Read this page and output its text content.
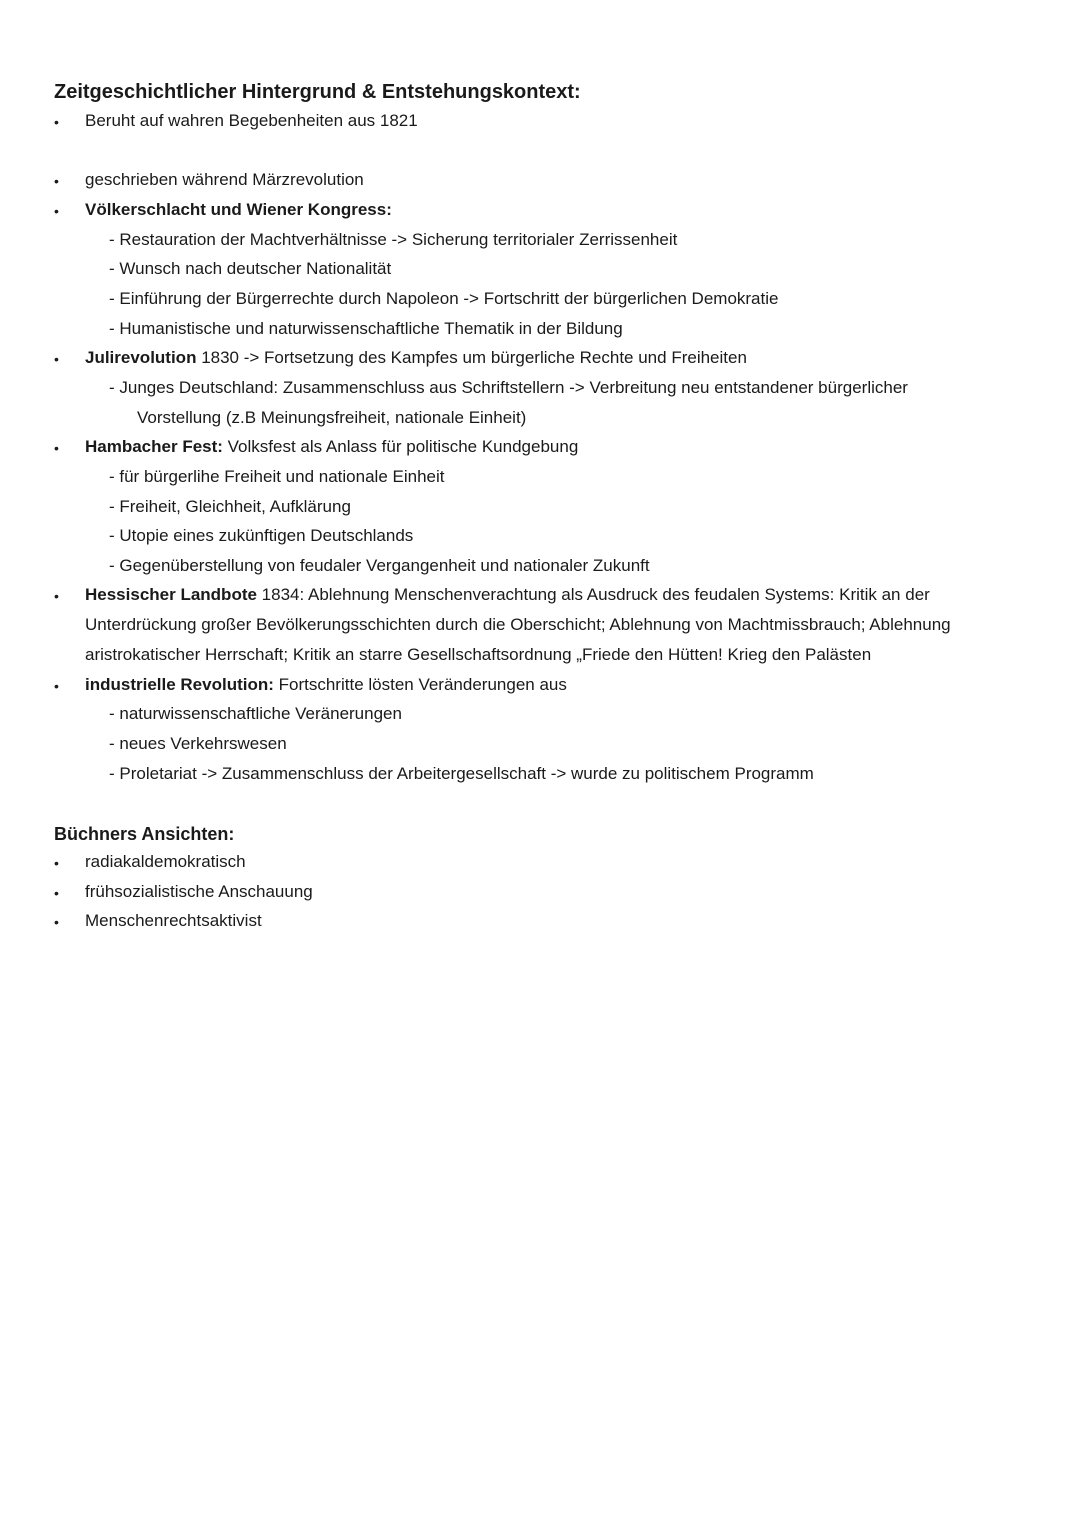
Zeitgeschichtlicher Hintergrund & Entstehungskontext:
• Beruht auf wahren Begebenheiten aus 1821
• geschrieben während Märzrevolution
• Völkerschlacht und Wiener Kongress:
- Restauration der Machtverhältnisse -> Sicherung territorialer Zerrissenheit
- Wunsch nach deutscher Nationalität
- Einführung der Bürgerrechte durch Napoleon -> Fortschritt der bürgerlichen Demokratie
- Humanistische und naturwissenschaftliche Thematik in der Bildung
• Julirevolution 1830 -> Fortsetzung des Kampfes um bürgerliche Rechte und Freiheiten
- Junges Deutschland: Zusammenschluss aus Schriftstellern -> Verbreitung neu entstandener bürgerlicher
Vorstellung (z.B Meinungsfreiheit, nationale Einheit)
• Hambacher Fest: Volksfest als Anlass für politische Kundgebung
- für bürgerlihe Freiheit und nationale Einheit
- Freiheit, Gleichheit, Aufklärung
- Utopie eines zukünftigen Deutschlands
- Gegenüberstellung von feudaler Vergangenheit und nationaler Zukunft
• Hessischer Landbote 1834: Ablehnung Menschenverachtung als Ausdruck des feudalen Systems: Kritik an der
Unterdrückung großer Bevölkerungsschichten durch die Oberschicht; Ablehnung von Machtmissbrauch; Ablehnung
aristrokatischer Herrschaft; Kritik an starre Gesellschaftsordnung „Friede den Hütten! Krieg den Palästen
• industrielle Revolution: Fortschritte lösten Veränderungen aus
- naturwissenschaftliche Veränerungen
- neues Verkehrswesen
- Proletariat -> Zusammenschluss der Arbeitergesellschaft -> wurde zu politischem Programm
Büchners Ansichten:
• radiakaldemokratisch
• frühsozialistische Anschauung
• Menschenrechtsaktivist
